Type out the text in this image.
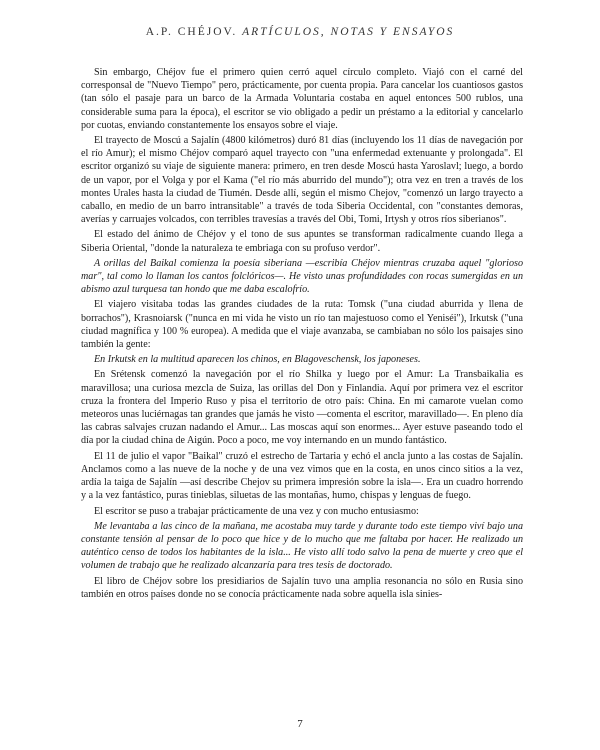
A.P. CHÉJOV. ARTÍCULOS, NOTAS Y ENSAYOS

Sin embargo, Chéjov fue el primero quien cerró aquel círculo completo. Viajó con el carné del corresponsal de "Nuevo Tiempo" pero, prácticamente, por cuenta propia. Para cancelar los cuantiosos gastos (tan sólo el pasaje para un barco de la Armada Voluntaria costaba en aquel entonces 500 rublos, una considerable suma para la época), el escritor se vio obligado a pedir un préstamo a la editorial y cancelarlo por cuotas, enviando constantemente los ensayos sobre el viaje.

El trayecto de Moscú a Sajalín (4800 kilómetros) duró 81 días (incluyendo los 11 días de navegación por el río Amur); el mismo Chéjov comparó aquel trayecto con "una enfermedad extenuante y prolongada". El escritor organizó su viaje de siguiente manera: primero, en tren desde Moscú hasta Yaroslavl; luego, a bordo de un vapor, por el Volga y por el Kama ("el río más aburrido del mundo"); otra vez en tren a través de los montes Urales hasta la ciudad de Tiumén. Desde allí, según el mismo Chejov, "comenzó un largo trayecto a caballo, en medio de un barro intransitable" a través de toda Siberia Occidental, con "constantes demoras, averías y carruajes volcados, con terribles travesías a través del Obi, Tomi, Irtysh y otros ríos siberianos".

El estado del ánimo de Chéjov y el tono de sus apuntes se transforman radicalmente cuando llega a Siberia Oriental, "donde la naturaleza te embriaga con su profuso verdor".

A orillas del Baikal comienza la poesía siberiana —escribía Chéjov mientras cruzaba aquel "glorioso mar", tal como lo llaman los cantos folclóricos—. He visto unas profundidades con rocas sumergidas en un abismo azul turquesa tan hondo que me daba escalofrío.

El viajero visitaba todas las grandes ciudades de la ruta: Tomsk ("una ciudad aburrida y llena de borrachos"), Krasnoiarsk ("nunca en mi vida he visto un río tan majestuoso como el Yeniséi"), Irkutsk ("una ciudad magnífica y 100 % europea). A medida que el viaje avanzaba, se cambiaban no sólo los paisajes sino también la gente:

En Irkutsk en la multitud aparecen los chinos, en Blagoveschensk, los japoneses.

En Srétensk comenzó la navegación por el río Shilka y luego por el Amur: La Transbaikalia es maravillosa; una curiosa mezcla de Suiza, las orillas del Don y Finlandia. Aquí por primera vez el escritor cruza la frontera del Imperio Ruso y pisa el territorio de otro país: China. En mi camarote vuelan como meteoros unas luciérnagas tan grandes que jamás he visto —comenta el escritor, maravillado—. En pleno día las cabras salvajes cruzan nadando el Amur... Las moscas aquí son enormes... Ayer estuve paseando todo el día por la ciudad china de Aigún. Poco a poco, me voy internando en un mundo fantástico.

El 11 de julio el vapor "Baikal" cruzó el estrecho de Tartaria y echó el ancla junto a las costas de Sajalín. Anclamos como a las nueve de la noche y de una vez vimos que en la costa, en unos cinco sitios a la vez, ardía la taiga de Sajalín —así describe Chejov su primera impresión sobre la isla—. Era un cuadro horrendo y a la vez fantástico, puras tinieblas, siluetas de las montañas, humo, chispas y lenguas de fuego.

El escritor se puso a trabajar prácticamente de una vez y con mucho entusiasmo:

Me levantaba a las cinco de la mañana, me acostaba muy tarde y durante todo este tiempo viví bajo una constante tensión al pensar de lo poco que hice y de lo mucho que me faltaba por hacer. He realizado un auténtico censo de todos los habitantes de la isla... He visto allí todo salvo la pena de muerte y creo que el volumen de trabajo que he realizado alcanzaría para tres tesis de doctorado.

El libro de Chéjov sobre los presidiarios de Sajalín tuvo una amplia resonancia no sólo en Rusia sino también en otros países donde no se conocía prácticamente nada sobre aquella isla sinies-

7
